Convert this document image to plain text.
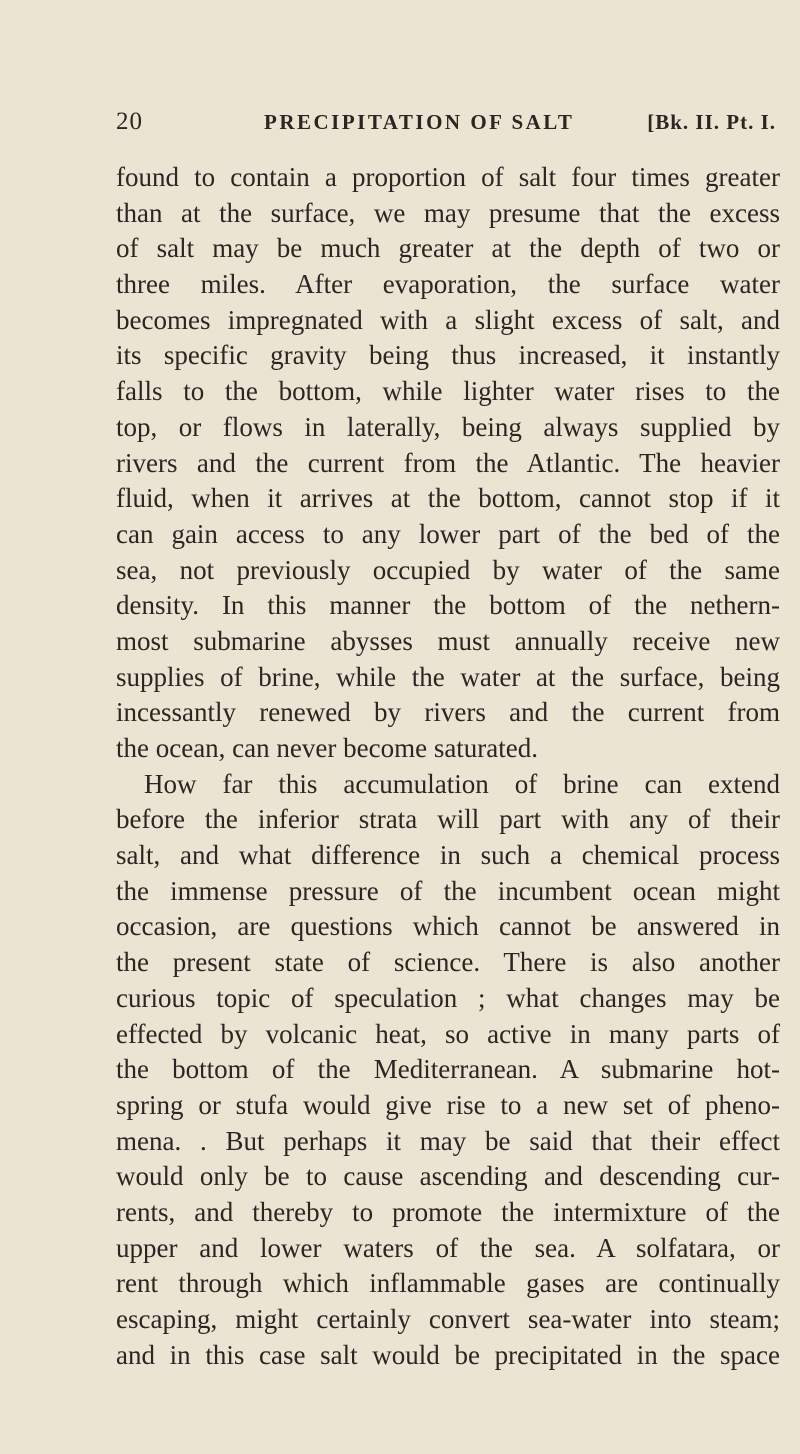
20	PRECIPITATION OF SALT	[Bk. II. Pt. I.
found to contain a proportion of salt four times greater
than at the surface, we may presume that the excess
of salt may be much greater at the depth of two or
three miles. After evaporation, the surface water
becomes impregnated with a slight excess of salt, and
its specific gravity being thus increased, it instantly
falls to the bottom, while lighter water rises to the
top, or flows in laterally, being always supplied by
rivers and the current from the Atlantic. The heavier
fluid, when it arrives at the bottom, cannot stop if it
can gain access to any lower part of the bed of the
sea, not previously occupied by water of the same
density. In this manner the bottom of the nethern-
most submarine abysses must annually receive new
supplies of brine, while the water at the surface, being
incessantly renewed by rivers and the current from
the ocean, can never become saturated.
How far this accumulation of brine can extend
before the inferior strata will part with any of their
salt, and what difference in such a chemical process
the immense pressure of the incumbent ocean might
occasion, are questions which cannot be answered in
the present state of science. There is also another
curious topic of speculation ; what changes may be
effected by volcanic heat, so active in many parts of
the bottom of the Mediterranean. A submarine hot-
spring or stufa would give rise to a new set of pheno-
mena. . But perhaps it may be said that their effect
would only be to cause ascending and descending cur-
rents, and thereby to promote the intermixture of the
upper and lower waters of the sea. A solfatara, or
rent through which inflammable gases are continually
escaping, might certainly convert sea-water into steam;
and in this case salt would be precipitated in the space
